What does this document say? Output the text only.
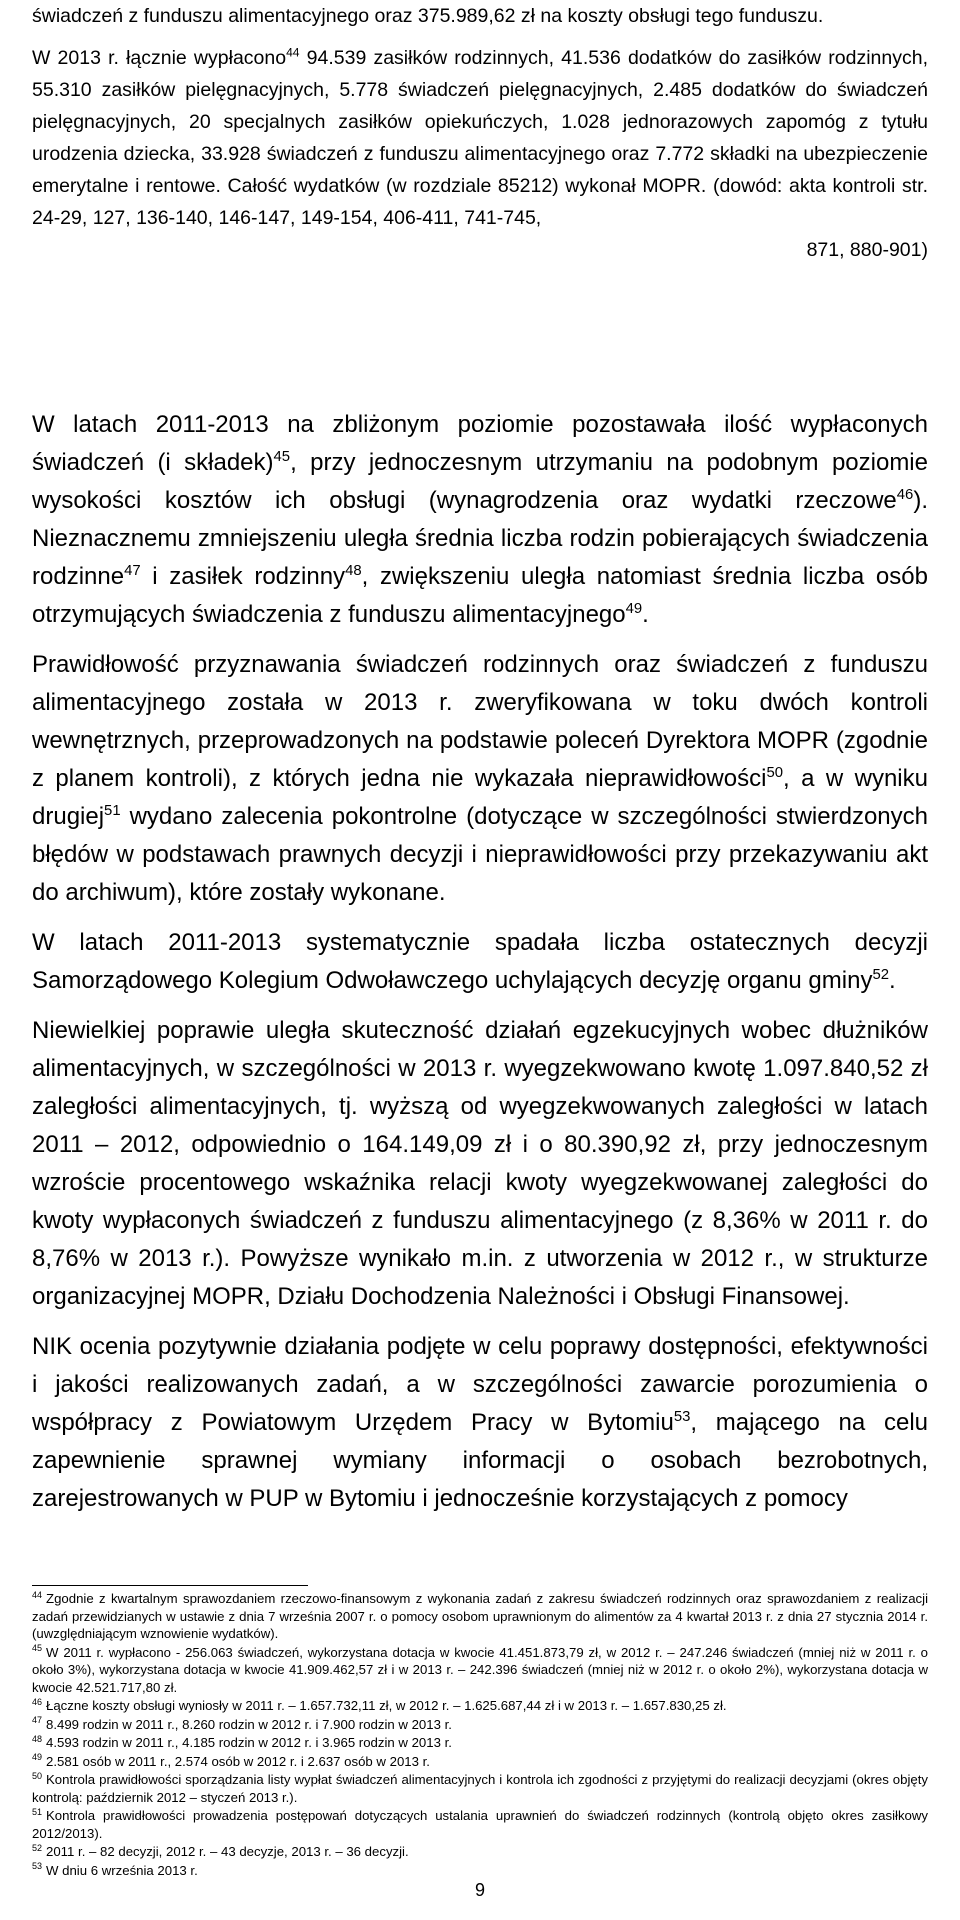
świadczeń z funduszu alimentacyjnego oraz 375.989,62 zł na koszty obsługi tego funduszu.

W 2013 r. łącznie wypłacono$^{44}$ 94.539 zasiłków rodzinnych, 41.536 dodatków do zasiłków rodzinnych, 55.310 zasiłków pielęgnacyjnych, 5.778 świadczeń pielęgnacyjnych, 2.485 dodatków do świadczeń pielęgnacyjnych, 20 specjalnych zasiłków opiekuńczych, 1.028 jednorazowych zapomóg z tytułu urodzenia dziecka, 33.928 świadczeń z funduszu alimentacyjnego oraz 7.772 składki na ubezpieczenie emerytalne i rentowe. Całość wydatków (w rozdziale 85212) wykonał MOPR. (dowód: akta kontroli str. 24-29, 127, 136-140, 146-147, 149-154, 406-411, 741-745,

871, 880-901)

W latach 2011-2013 na zbliżonym poziomie pozostawała ilość wypłaconych świadczeń (i składek)$^{45}$, przy jednoczesnym utrzymaniu na podobnym poziomie wysokości kosztów ich obsługi (wynagrodzenia oraz wydatki rzeczowe$^{46}$). Nieznacznemu zmniejszeniu uległa średnia liczba rodzin pobierających świadczenia rodzinne$^{47}$ i zasiłek rodzinny$^{48}$, zwiększeniu uległa natomiast średnia liczba osób otrzymujących świadczenia z funduszu alimentacyjnego$^{49}$.

Prawidłowość przyznawania świadczeń rodzinnych oraz świadczeń z funduszu alimentacyjnego została w 2013 r. zweryfikowana w toku dwóch kontroli wewnętrznych, przeprowadzonych na podstawie poleceń Dyrektora MOPR (zgodnie z planem kontroli), z których jedna nie wykazała nieprawidłowości$^{50}$, a w wyniku drugiej$^{51}$ wydano zalecenia pokontrolne (dotyczące w szczególności stwierdzonych błędów w podstawach prawnych decyzji i nieprawidłowości przy przekazywaniu akt do archiwum), które zostały wykonane.

W latach 2011-2013 systematycznie spadała liczba ostatecznych decyzji Samorządowego Kolegium Odwoławczego uchylających decyzję organu gminy$^{52}$.

Niewielkiej poprawie uległa skuteczność działań egzekucyjnych wobec dłużników alimentacyjnych, w szczególności w 2013 r. wyegzekwowano kwotę 1.097.840,52 zł zaległości alimentacyjnych, tj. wyższą od wyegzekwowanych zaległości w latach 2011 – 2012, odpowiednio o 164.149,09 zł i o 80.390,92 zł, przy jednoczesnym wzroście procentowego wskaźnika relacji kwoty wyegzekwowanej zaległości do kwoty wypłaconych świadczeń z funduszu alimentacyjnego (z 8,36% w 2011 r. do 8,76% w 2013 r.). Powyższe wynikało m.in. z utworzenia w 2012 r., w strukturze organizacyjnej MOPR, Działu Dochodzenia Należności i Obsługi Finansowej.

NIK ocenia pozytywnie działania podjęte w celu poprawy dostępności, efektywności i jakości realizowanych zadań, a w szczególności zawarcie porozumienia o współpracy z Powiatowym Urzędem Pracy w Bytomiu$^{53}$, mającego na celu zapewnienie sprawnej wymiany informacji o osobach bezrobotnych, zarejestrowanych w PUP w Bytomiu i jednocześnie korzystających z pomocy

$^{44}$ Zgodnie z kwartalnym sprawozdaniem rzeczowo-finansowym z wykonania zadań z zakresu świadczeń rodzinnych oraz sprawozdaniem z realizacji zadań przewidzianych w ustawie z dnia 7 września 2007 r. o pomocy osobom uprawnionym do alimentów za 4 kwartał 2013 r. z dnia 27 stycznia 2014 r. (uwzględniającym wznowienie wydatków).

$^{45}$ W 2011 r. wypłacono - 256.063 świadczeń, wykorzystana dotacja w kwocie 41.451.873,79 zł, w 2012 r. – 247.246 świadczeń (mniej niż w 2011 r. o około 3%), wykorzystana dotacja w kwocie 41.909.462,57 zł i w 2013 r. – 242.396 świadczeń (mniej niż w 2012 r. o około 2%), wykorzystana dotacja w kwocie 42.521.717,80 zł.

$^{46}$ Łączne koszty obsługi wyniosły w 2011 r. – 1.657.732,11 zł, w 2012 r. – 1.625.687,44 zł i w 2013 r. – 1.657.830,25 zł.

$^{47}$ 8.499 rodzin w 2011 r., 8.260 rodzin w 2012 r. i 7.900 rodzin w 2013 r.

$^{48}$ 4.593 rodzin w 2011 r., 4.185 rodzin w 2012 r. i 3.965 rodzin w 2013 r.

$^{49}$ 2.581 osób w 2011 r., 2.574 osób w 2012 r. i 2.637 osób w 2013 r.

$^{50}$ Kontrola prawidłowości sporządzania listy wypłat świadczeń alimentacyjnych i kontrola ich zgodności z przyjętymi do realizacji decyzjami (okres objęty kontrolą: październik 2012 – styczeń 2013 r.).

$^{51}$ Kontrola prawidłowości prowadzenia postępowań dotyczących ustalania uprawnień do świadczeń rodzinnych (kontrolą objęto okres zasiłkowy 2012/2013).

$^{52}$ 2011 r. – 82 decyzji, 2012 r. – 43 decyzje, 2013 r. – 36 decyzji.

$^{53}$ W dniu 6 września 2013 r.

9
